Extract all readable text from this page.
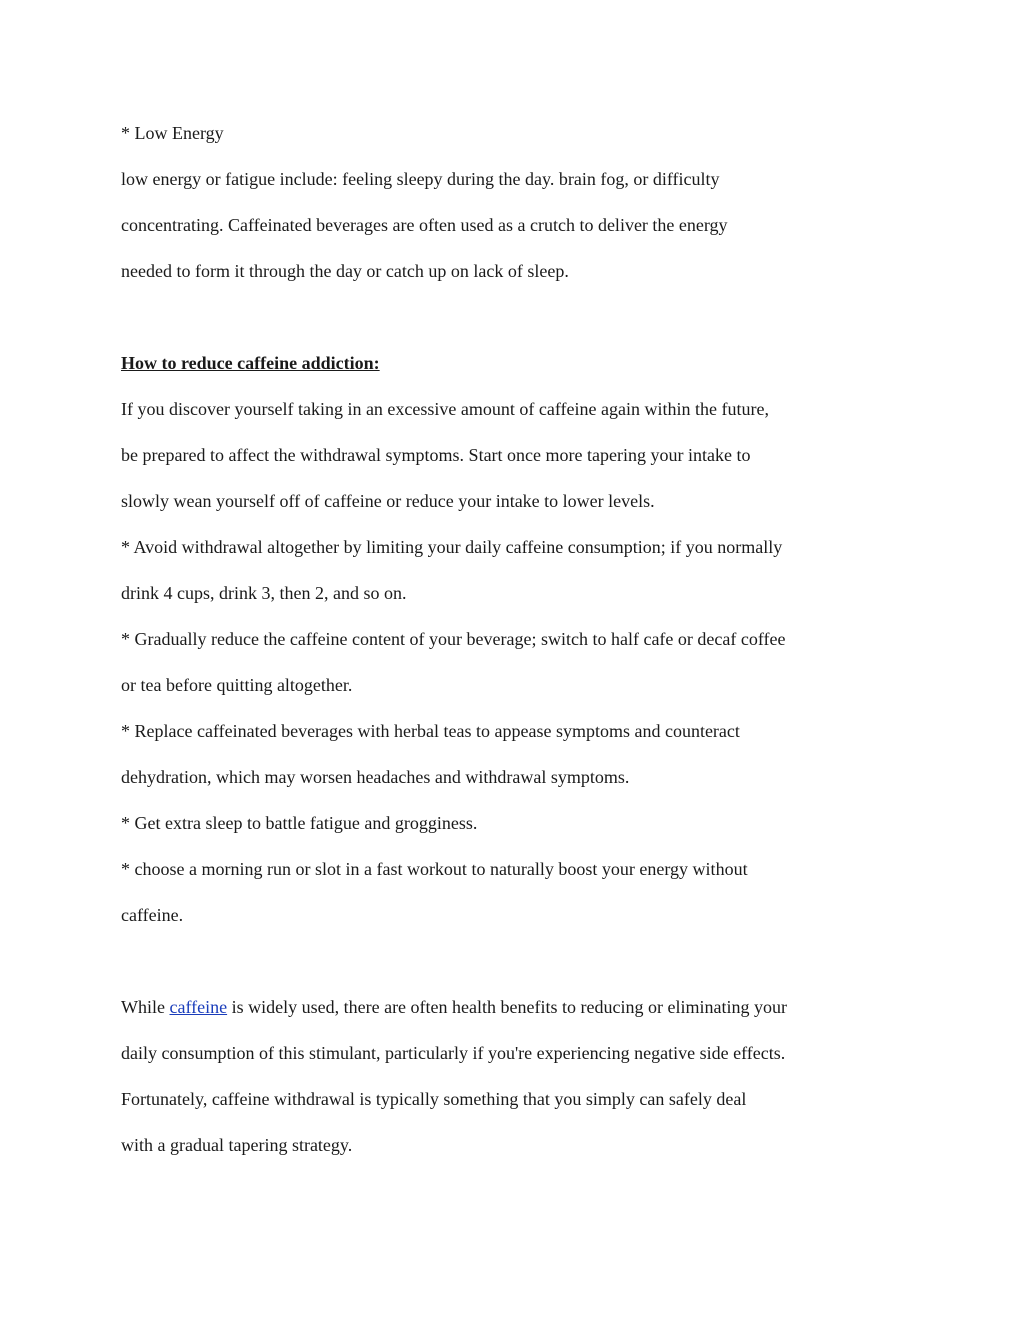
* Low Energy
low energy or fatigue include: feeling sleepy during the day. brain fog, or difficulty
concentrating. Caffeinated beverages are often used as a crutch to deliver the energy
needed to form it through the day or catch up on lack of sleep.
How to reduce caffeine addiction:
If you discover yourself taking in an excessive amount of caffeine again within the future,
be prepared to affect the withdrawal symptoms. Start once more tapering your intake to
slowly wean yourself off of caffeine or reduce your intake to lower levels.
* Avoid withdrawal altogether by limiting your daily caffeine consumption; if you normally
drink 4 cups, drink 3, then 2, and so on.
* Gradually reduce the caffeine content of your beverage; switch to half cafe or decaf coffee
or tea before quitting altogether.
* Replace caffeinated beverages with herbal teas to appease symptoms and counteract
dehydration, which may worsen headaches and withdrawal symptoms.
* Get extra sleep to battle fatigue and grogginess.
* choose a morning run or slot in a fast workout to naturally boost your energy without
caffeine.
While caffeine is widely used, there are often health benefits to reducing or eliminating your
daily consumption of this stimulant, particularly if you're experiencing negative side effects.
Fortunately, caffeine withdrawal is typically something that you simply can safely deal
with a gradual tapering strategy.
